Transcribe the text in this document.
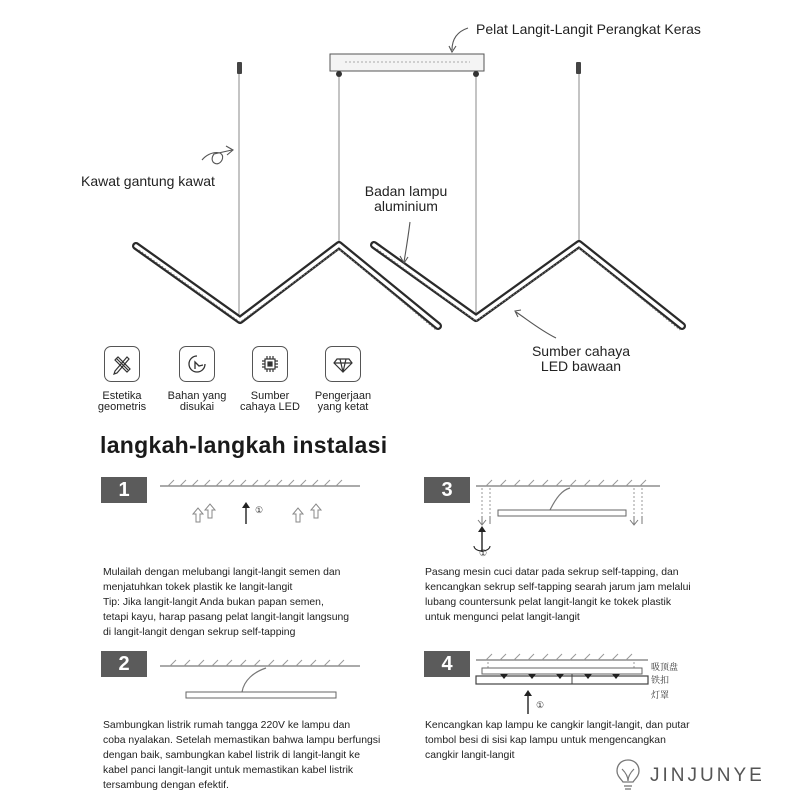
Pelat Langit-Langit Perangkat Keras
Kawat gantung kawat
Badan lampu
aluminium
Sumber cahaya
LED bawaan
Estetika
geometris
Bahan yang
disukai
Sumber
cahaya LED
Pengerjaan
yang ketat
langkah-langkah instalasi
1
①
Mulailah dengan melubangi langit-langit semen dan
menjatuhkan tokek plastik ke langit-langit
Tip: Jika langit-langit Anda bukan papan semen,
tetapi kayu, harap pasang pelat langit-langit langsung
di langit-langit dengan sekrup self-tapping
2
Sambungkan listrik rumah tangga 220V ke lampu dan
coba nyalakan. Setelah memastikan bahwa lampu berfungsi
dengan baik, sambungkan kabel listrik di langit-langit ke
kabel panci langit-langit untuk memastikan kabel listrik
tersambung dengan efektif.
3
①
Pasang mesin cuci datar pada sekrup self-tapping, dan
kencangkan sekrup self-tapping searah jarum jam melalui
lubang countersunk pelat langit-langit ke tokek plastik
untuk mengunci pelat langit-langit
4
①
吸顶盘
铁扣
灯罩
Kencangkan kap lampu ke cangkir langit-langit, dan putar
tombol besi di sisi kap lampu untuk mengencangkan
cangkir langit-langit
JINJUNYE
